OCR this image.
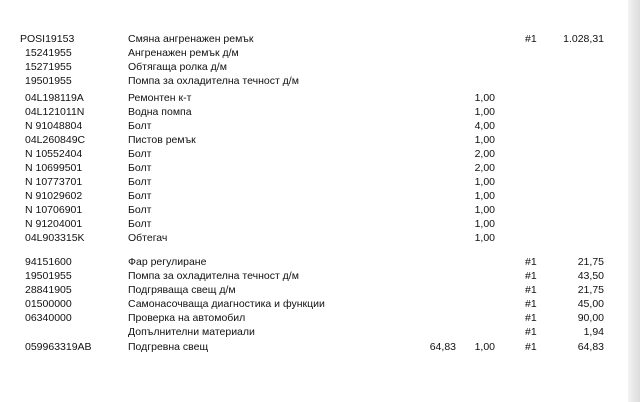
POSI19153	Смяна ангренажен ремък	#1	1.028,31
15241955	Ангренажен ремък д/м
15271955	Обтягаща ролка д/м
19501955	Помпа за охладителна течност д/м
04L198119A	Ремонтен к-т	1,00
04L121011N	Водна помпа	1,00
N 91048804	Болт	4,00
04L260849C	Пистов ремък	1,00
N 10552404	Болт	2,00
N 10699501	Болт	2,00
N 10773701	Болт	1,00
N 91029602	Болт	1,00
N 10706901	Болт	1,00
N 91204001	Болт	1,00
04L903315K	Обтегач	1,00
94151600	Фар регулиране	#1	21,75
19501955	Помпа за охладителна течност д/м	#1	43,50
28841905	Подгряваща свещ д/м	#1	21,75
01500000	Самонасочваща диагностика и функции	#1	45,00
06340000	Проверка на автомобил	#1	90,00
Допълнителни материали	#1	1,94
059963319AB	Подгревна свещ	64,83 1,00	#1	64,83
